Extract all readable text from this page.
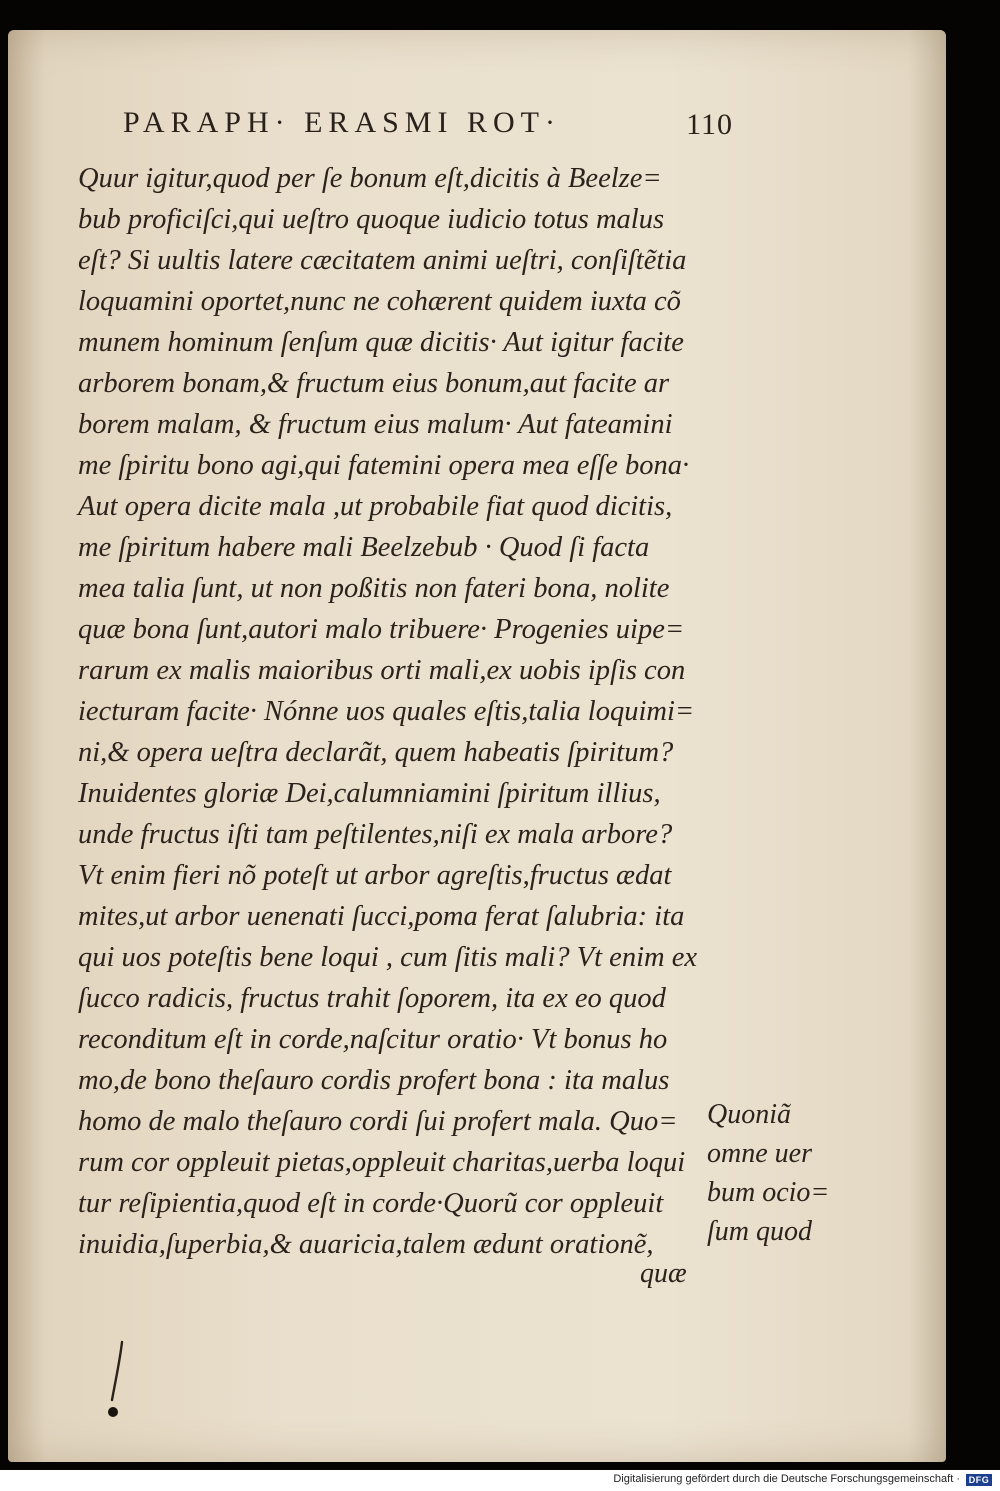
PARAPH· ERASMI ROT·	110
Quur igitur,quod per ſe bonum eſt,dicitis à Beelze=
bub proficiſci,qui ueſtro quoque iudicio totus malus
eſt? Si uultis latere cæcitatem animi ueſtri, conſiſtẽtia
loquamini oportet,nunc ne cohærent quidem iuxta cõ
munem hominum ſenſum quæ dicitis· Aut igitur facite
arborem bonam,& fructum eius bonum,aut facite ar
borem malam, & fructum eius malum· Aut fateamini
me ſpiritu bono agi,qui fatemini opera mea eſſe bona·
Aut opera dicite mala ,ut probabile fiat quod dicitis,
me ſpiritum habere mali Beelzebub · Quod ſi facta
mea talia ſunt, ut non poßitis non fateri bona, nolite
quæ bona ſunt,autori malo tribuere· Progenies uipe=
rarum ex malis maioribus orti mali,ex uobis ipſis con
iecturam facite· Nónne uos quales eſtis,talia loquimi=
ni,& opera ueſtra declarãt, quem habeatis ſpiritum?
Inuidentes gloriæ Dei,calumniamini ſpiritum illius,
unde fructus iſti tam peſtilentes,niſi ex mala arbore?
Vt enim fieri nõ poteſt ut arbor agreſtis,fructus ædat
mites,ut arbor uenenati ſucci,poma ferat ſalubria: ita
qui uos poteſtis bene loqui , cum ſitis mali? Vt enim ex
ſucco radicis, fructus trahit ſoporem, ita ex eo quod
reconditum eſt in corde,naſcitur oratio· Vt bonus ho
mo,de bono theſauro cordis profert bona : ita malus
homo de malo theſauro cordi ſui profert mala. Quo=
rum cor oppleuit pietas,oppleuit charitas,uerba loqui
tur reſipientia,quod eſt in corde·Quorũ cor oppleuit
inuidia,ſuperbia,& auaricia,talem ædunt orationẽ,
quæ
Quoniã
omne uer
bum ocio=
ſum quod
Digitalisierung gefördert durch die Deutsche Forschungsgemeinschaft · DFG
